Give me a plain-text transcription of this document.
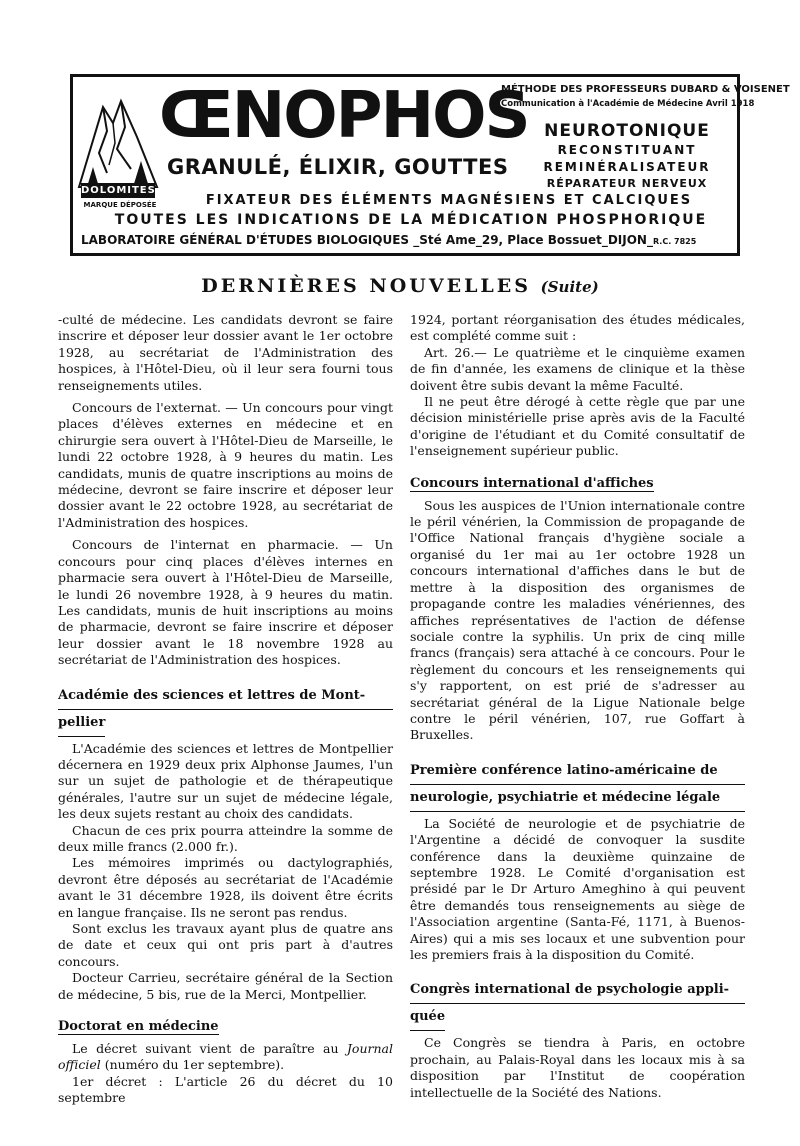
DOLOMITES
MARQUE DÉPOSÉE
ŒNOPHOS
MÉTHODE DES PROFESSEURS DUBARD & VOISENET
Communication à l'Académie de Médecine Avril 1918
GRANULÉ, ÉLIXIR, GOUTTES
NEUROTONIQUE
RECONSTITUANT
REMINÉRALISATEUR
RÉPARATEUR NERVEUX
FIXATEUR DES ÉLÉMENTS MAGNÉSIENS ET CALCIQUES
TOUTES LES INDICATIONS DE LA MÉDICATION PHOSPHORIQUE
LABORATOIRE GÉNÉRAL D'ÉTUDES BIOLOGIQUES _Sté Ame_29, Place Bossuet_DIJON_R.C. 7825
DERNIÈRES NOUVELLES (Suite)

-culté de médecine. Les candidats devront se faire inscrire et déposer leur dossier avant le 1er octobre 1928, au secrétariat de l'Administration des hospices, à l'Hôtel-Dieu, où il leur sera fourni tous renseignements utiles.

Concours de l'externat. — Un concours pour vingt places d'élèves externes en médecine et en chirurgie sera ouvert à l'Hôtel-Dieu de Marseille, le lundi 22 octobre 1928, à 9 heures du matin. Les candidats, munis de quatre inscriptions au moins de médecine, devront se faire inscrire et déposer leur dossier avant le 22 octobre 1928, au secrétariat de l'Administration des hospices.

Concours de l'internat en pharmacie. — Un concours pour cinq places d'élèves internes en pharmacie sera ouvert à l'Hôtel-Dieu de Marseille, le lundi 26 novembre 1928, à 9 heures du matin. Les candidats, munis de huit inscriptions au moins de pharmacie, devront se faire inscrire et déposer leur dossier avant le 18 novembre 1928 au secrétariat de l'Administration des hospices.

Académie des sciences et lettres de Mont-
pellier

L'Académie des sciences et lettres de Montpellier décernera en 1929 deux prix Alphonse Jaumes, l'un sur un sujet de pathologie et de thérapeutique générales, l'autre sur un sujet de médecine légale, les deux sujets restant au choix des candidats.

Chacun de ces prix pourra atteindre la somme de deux mille francs (2.000 fr.).

Les mémoires imprimés ou dactylographiés, devront être déposés au secrétariat de l'Académie avant le 31 décembre 1928, ils doivent être écrits en langue française. Ils ne seront pas rendus.

Sont exclus les travaux ayant plus de quatre ans de date et ceux qui ont pris part à d'autres concours.

Docteur Carrieu, secrétaire général de la Section de médecine, 5 bis, rue de la Merci, Montpellier.

Doctorat en médecine

Le décret suivant vient de paraître au Journal officiel (numéro du 1er septembre).

1er décret : L'article 26 du décret du 10 septembre

1924, portant réorganisation des études médicales, est complété comme suit :

Art. 26.— Le quatrième et le cinquième examen de fin d'année, les examens de clinique et la thèse doivent être subis devant la même Faculté.

Il ne peut être dérogé à cette règle que par une décision ministérielle prise après avis de la Faculté d'origine de l'étudiant et du Comité consultatif de l'enseignement supérieur public.

Concours international d'affiches

Sous les auspices de l'Union internationale contre le péril vénérien, la Commission de propagande de l'Office National français d'hygiène sociale a organisé du 1er mai au 1er octobre 1928 un concours international d'affiches dans le but de mettre à la disposition des organismes de propagande contre les maladies vénériennes, des affiches représentatives de l'action de défense sociale contre la syphilis. Un prix de cinq mille francs (français) sera attaché à ce concours. Pour le règlement du concours et les renseignements qui s'y rapportent, on est prié de s'adresser au secrétariat général de la Ligue Nationale belge contre le péril vénérien, 107, rue Goffart à Bruxelles.

Première conférence latino-américaine de
neurologie, psychiatrie et médecine légale

La Société de neurologie et de psychiatrie de l'Argentine a décidé de convoquer la susdite conférence dans la deuxième quinzaine de septembre 1928. Le Comité d'organisation est présidé par le Dr Arturo Ameghino à qui peuvent être demandés tous renseignements au siège de l'Association argentine (Santa-Fé, 1171, à Buenos-Aires) qui a mis ses locaux et une subvention pour les premiers frais à la disposition du Comité.

Congrès international de psychologie appli-
quée

Ce Congrès se tiendra à Paris, en octobre prochain, au Palais-Royal dans les locaux mis à sa disposition par l'Institut de coopération intellectuelle de la Société des Nations.
